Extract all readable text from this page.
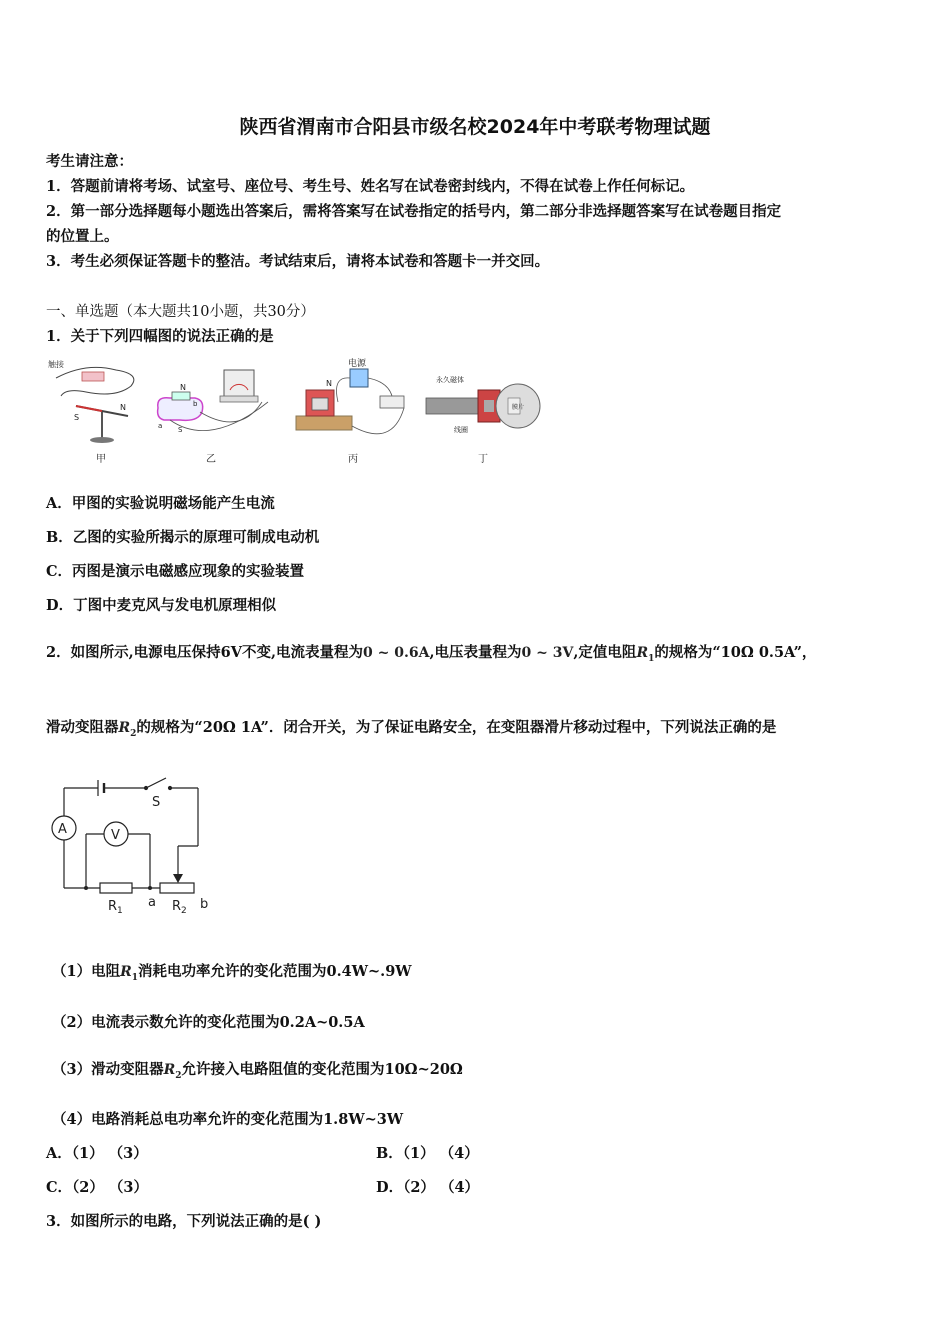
陕西省渭南市合阳县市级名校2024年中考联考物理试题
考生请注意：
1．答题前请将考场、试室号、座位号、考生号、姓名写在试卷密封线内，不得在试卷上作任何标记。
2．第一部分选择题每小题选出答案后，需将答案写在试卷指定的括号内，第二部分非选择题答案写在试卷题目指定
的位置上。
3．考生必须保证答题卡的整洁。考试结束后，请将本试卷和答题卡一并交回。
一、单选题（本大题共10小题，共30分）
1．关于下列四幅图的说法正确的是
触接
N
S
甲
N
b
a S
乙
电源
N
丙
永久磁体
膜片
线圈
丁
A．甲图的实验说明磁场能产生电流
B．乙图的实验所揭示的原理可制成电动机
C．丙图是演示电磁感应现象的实验装置
D．丁图中麦克风与发电机原理相似
2．如图所示,电源电压保持6V不变,电流表量程为0 ~ 0.6A,电压表量程为0 ~ 3V,定值电阻$R_1$的规格为“10Ω 0.5A”，
滑动变阻器$R_2$的规格为“20Ω 1A”．闭合开关，为了保证电路安全，在变阻器滑片移动过程中，下列说法正确的是
A	V
S
$R_1$
a $R_2$ b
（1）电阻$R_1$消耗电功率允许的变化范围为0.4W~.9W
（2）电流表示数允许的变化范围为0.2A~0.5A
（3）滑动变阻器$R_2$允许接入电路阻值的变化范围为10Ω~20Ω
（4）电路消耗总电功率允许的变化范围为1.8W~3W
A．（1） （3）	B．（1） （4）
C．（2） （3）	D．（2） （4）
3．如图所示的电路，下列说法正确的是( )
